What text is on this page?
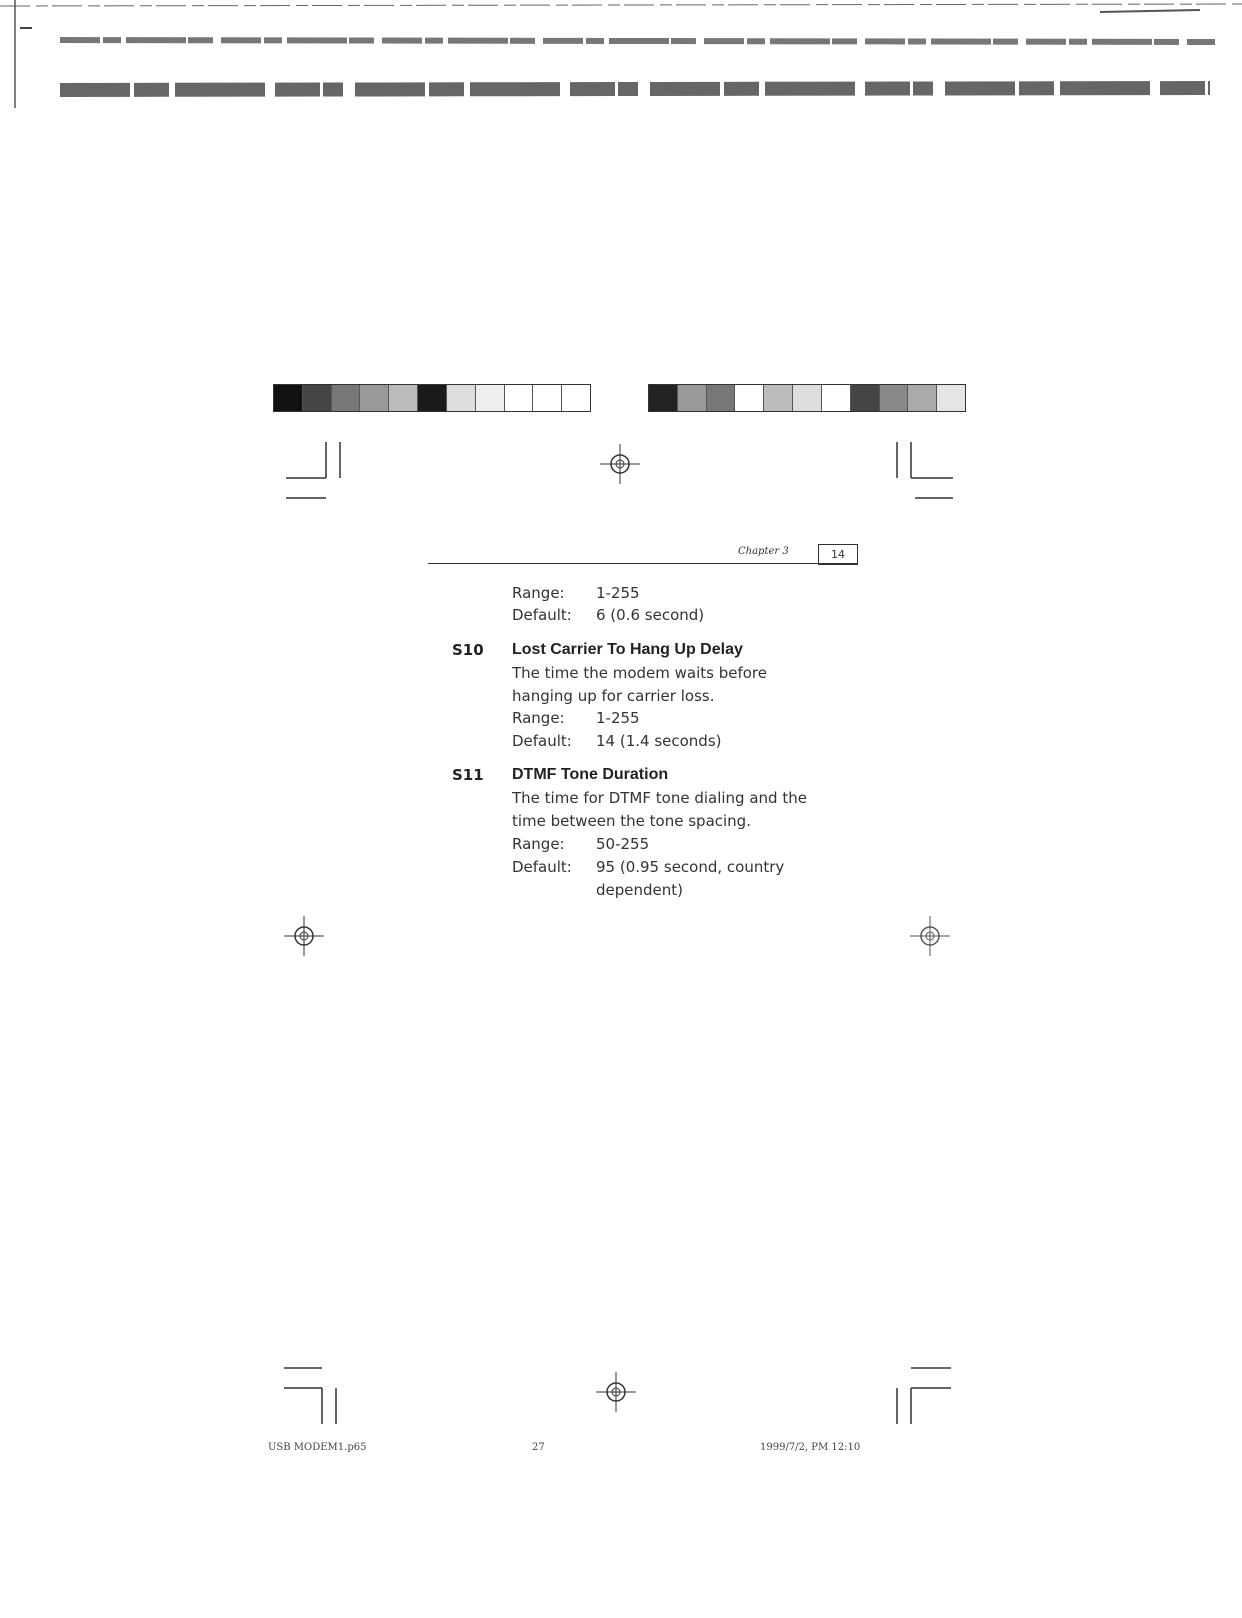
Chapter 3	14
Range: 1-255
Default: 6 (0.6 second)
S10 Lost Carrier To Hang Up Delay
The time the modem waits before
hanging up for carrier loss.
Range: 1-255
Default: 14 (1.4 seconds)
S11 DTMF Tone Duration
The time for DTMF tone dialing and the
time between the tone spacing.
Range: 50-255
Default: 95 (0.95 second, country
dependent)
USB MODEM1.p65	27	1999/7/2, PM 12:10
